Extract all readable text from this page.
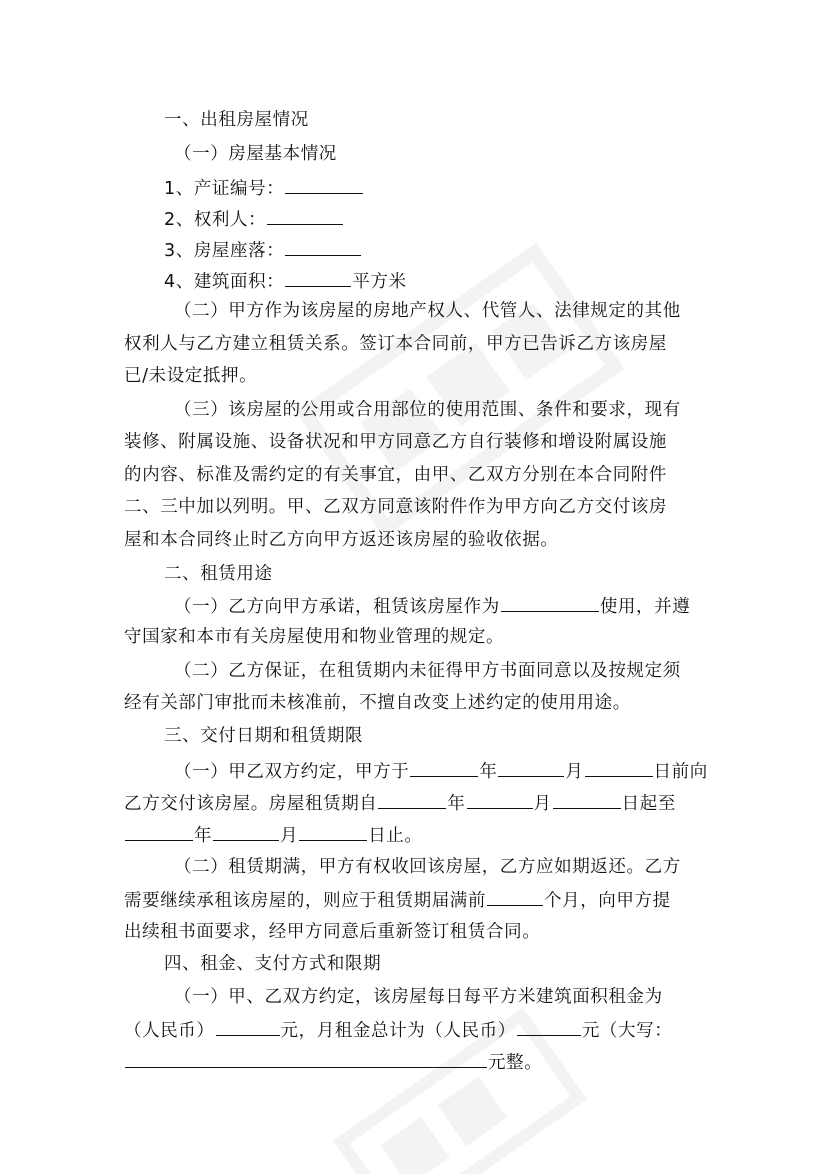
一、出租房屋情况
（一）房屋基本情况
1、产证编号：
2、权利人：
3、房屋座落：
4、建筑面积：	平方米
（二）甲方作为该房屋的房地产权人、代管人、法律规定的其他
权利人与乙方建立租赁关系。签订本合同前，甲方已告诉乙方该房屋
已/未设定抵押。
（三）该房屋的公用或合用部位的使用范围、条件和要求，现有
装修、附属设施、设备状况和甲方同意乙方自行装修和增设附属设施
的内容、标准及需约定的有关事宜，由甲、乙双方分别在本合同附件
二、三中加以列明。甲、乙双方同意该附件作为甲方向乙方交付该房
屋和本合同终止时乙方向甲方返还该房屋的验收依据。
二、租赁用途
（一）乙方向甲方承诺，租赁该房屋作为	使用，并遵
守国家和本市有关房屋使用和物业管理的规定。
（二）乙方保证，在租赁期内未征得甲方书面同意以及按规定须
经有关部门审批而未核准前，不擅自改变上述约定的使用用途。
三、交付日期和租赁期限
（一）甲乙双方约定，甲方于	年	月	日前向
乙方交付该房屋。房屋租赁期自	年	月	日起至
年	月	日止。
（二）租赁期满，甲方有权收回该房屋，乙方应如期返还。乙方
需要继续承租该房屋的，则应于租赁期届满前	个月，向甲方提
出续租书面要求，经甲方同意后重新签订租赁合同。
四、租金、支付方式和限期
（一）甲、乙双方约定，该房屋每日每平方米建筑面积租金为
（人民币）	元，月租金总计为（人民币）	元（大写：
元整。
